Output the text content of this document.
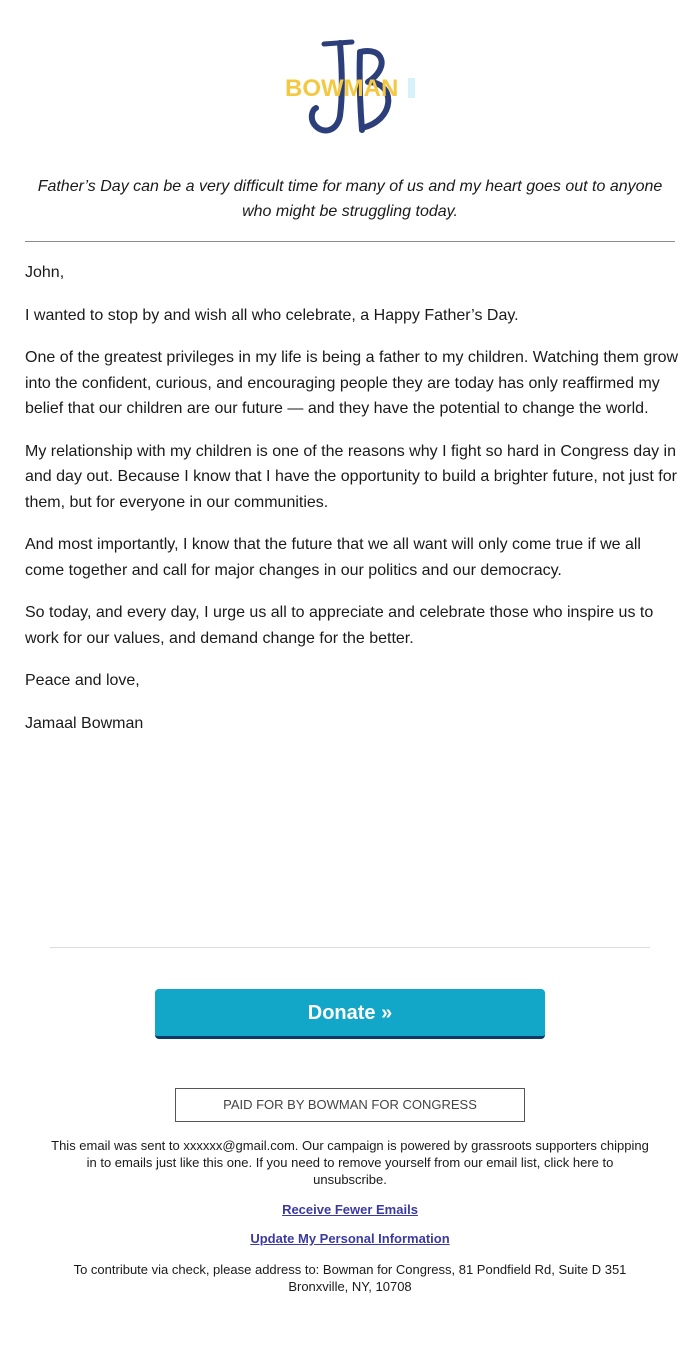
BOWMAN

Father’s Day can be a very difficult time for many of us and my heart goes out to anyone who might be struggling today.

John,

I wanted to stop by and wish all who celebrate, a Happy Father’s Day.

One of the greatest privileges in my life is being a father to my children. Watching them grow into the confident, curious, and encouraging people they are today has only reaffirmed my belief that our children are our future — and they have the potential to change the world.

My relationship with my children is one of the reasons why I fight so hard in Congress day in and day out. Because I know that I have the opportunity to build a brighter future, not just for them, but for everyone in our communities.

And most importantly, I know that the future that we all want will only come true if we all come together and call for major changes in our politics and our democracy.

So today, and every day, I urge us all to appreciate and celebrate those who inspire us to work for our values, and demand change for the better.

Peace and love,

Jamaal Bowman

Donate »
PAID FOR BY BOWMAN FOR CONGRESS

This email was sent to xxxxxx@gmail.com. Our campaign is powered by grassroots supporters chipping in to emails just like this one. If you need to remove yourself from our email list, click here to unsubscribe.

Receive Fewer Emails
Update My Personal Information

To contribute via check, please address to: Bowman for Congress, 81 Pondfield Rd, Suite D 351 Bronxville, NY, 10708
